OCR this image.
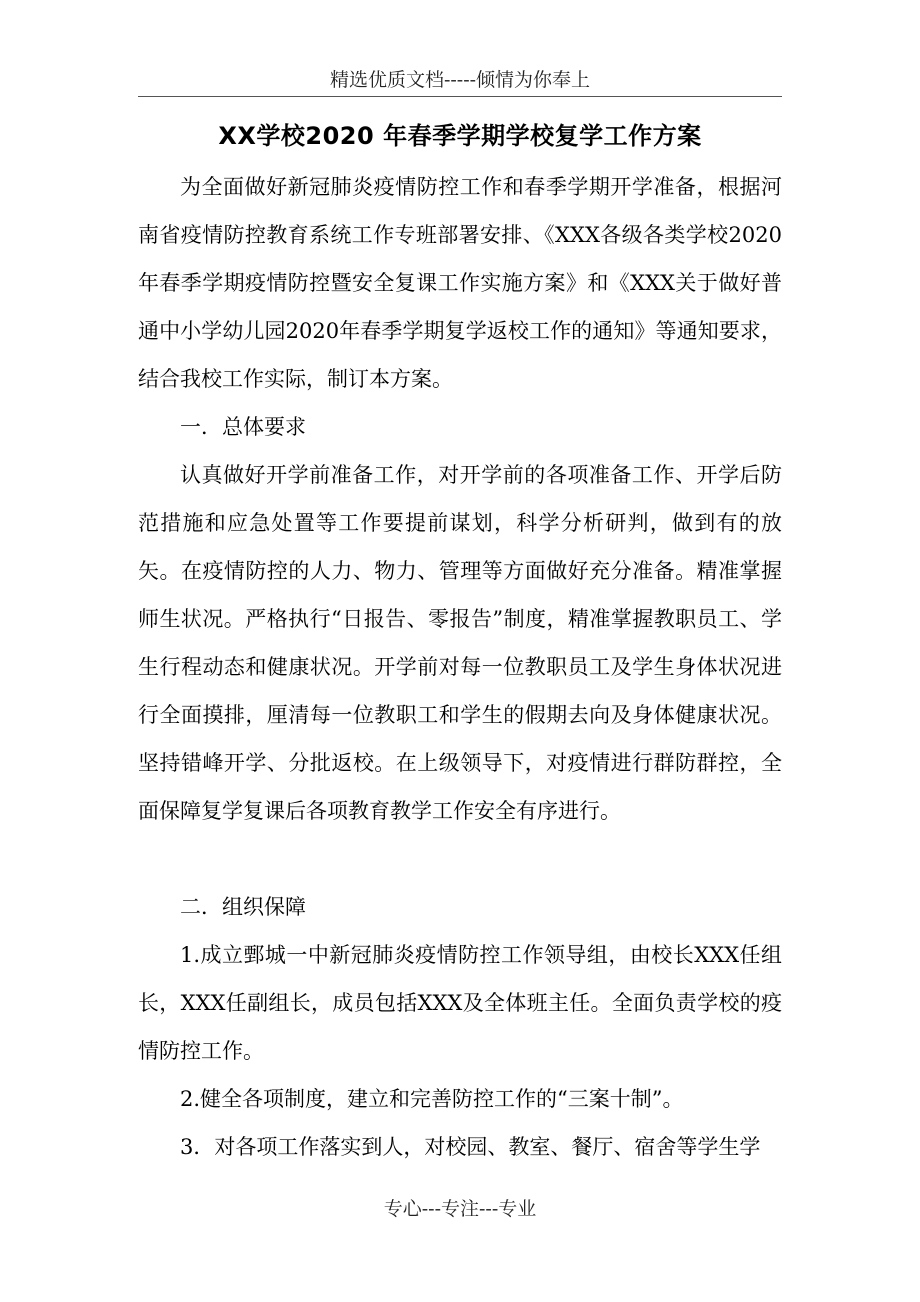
精选优质文档-----倾情为你奉上
XX学校2020 年春季学期学校复学工作方案

为全面做好新冠肺炎疫情防控工作和春季学期开学准备，根据河南省疫情防控教育系统工作专班部署安排、《XXX各级各类学校2020年春季学期疫情防控暨安全复课工作实施方案》和《XXX关于做好普通中小学幼儿园2020年春季学期复学返校工作的通知》等通知要求，结合我校工作实际，制订本方案。

一．总体要求

认真做好开学前准备工作，对开学前的各项准备工作、开学后防范措施和应急处置等工作要提前谋划，科学分析研判，做到有的放矢。在疫情防控的人力、物力、管理等方面做好充分准备。精准掌握师生状况。严格执行“日报告、零报告”制度，精准掌握教职员工、学生行程动态和健康状况。开学前对每一位教职员工及学生身体状况进行全面摸排，厘清每一位教职工和学生的假期去向及身体健康状况。坚持错峰开学、分批返校。在上级领导下，对疫情进行群防群控，全面保障复学复课后各项教育教学工作安全有序进行。

二．组织保障

1.成立鄄城一中新冠肺炎疫情防控工作领导组，由校长XXX任组长，XXX任副组长，成员包括XXX及全体班主任。全面负责学校的疫情防控工作。

2.健全各项制度，建立和完善防控工作的“三案十制”。

3．对各项工作落实到人，对校园、教室、餐厅、宿舍等学生学

专心---专注---专业
